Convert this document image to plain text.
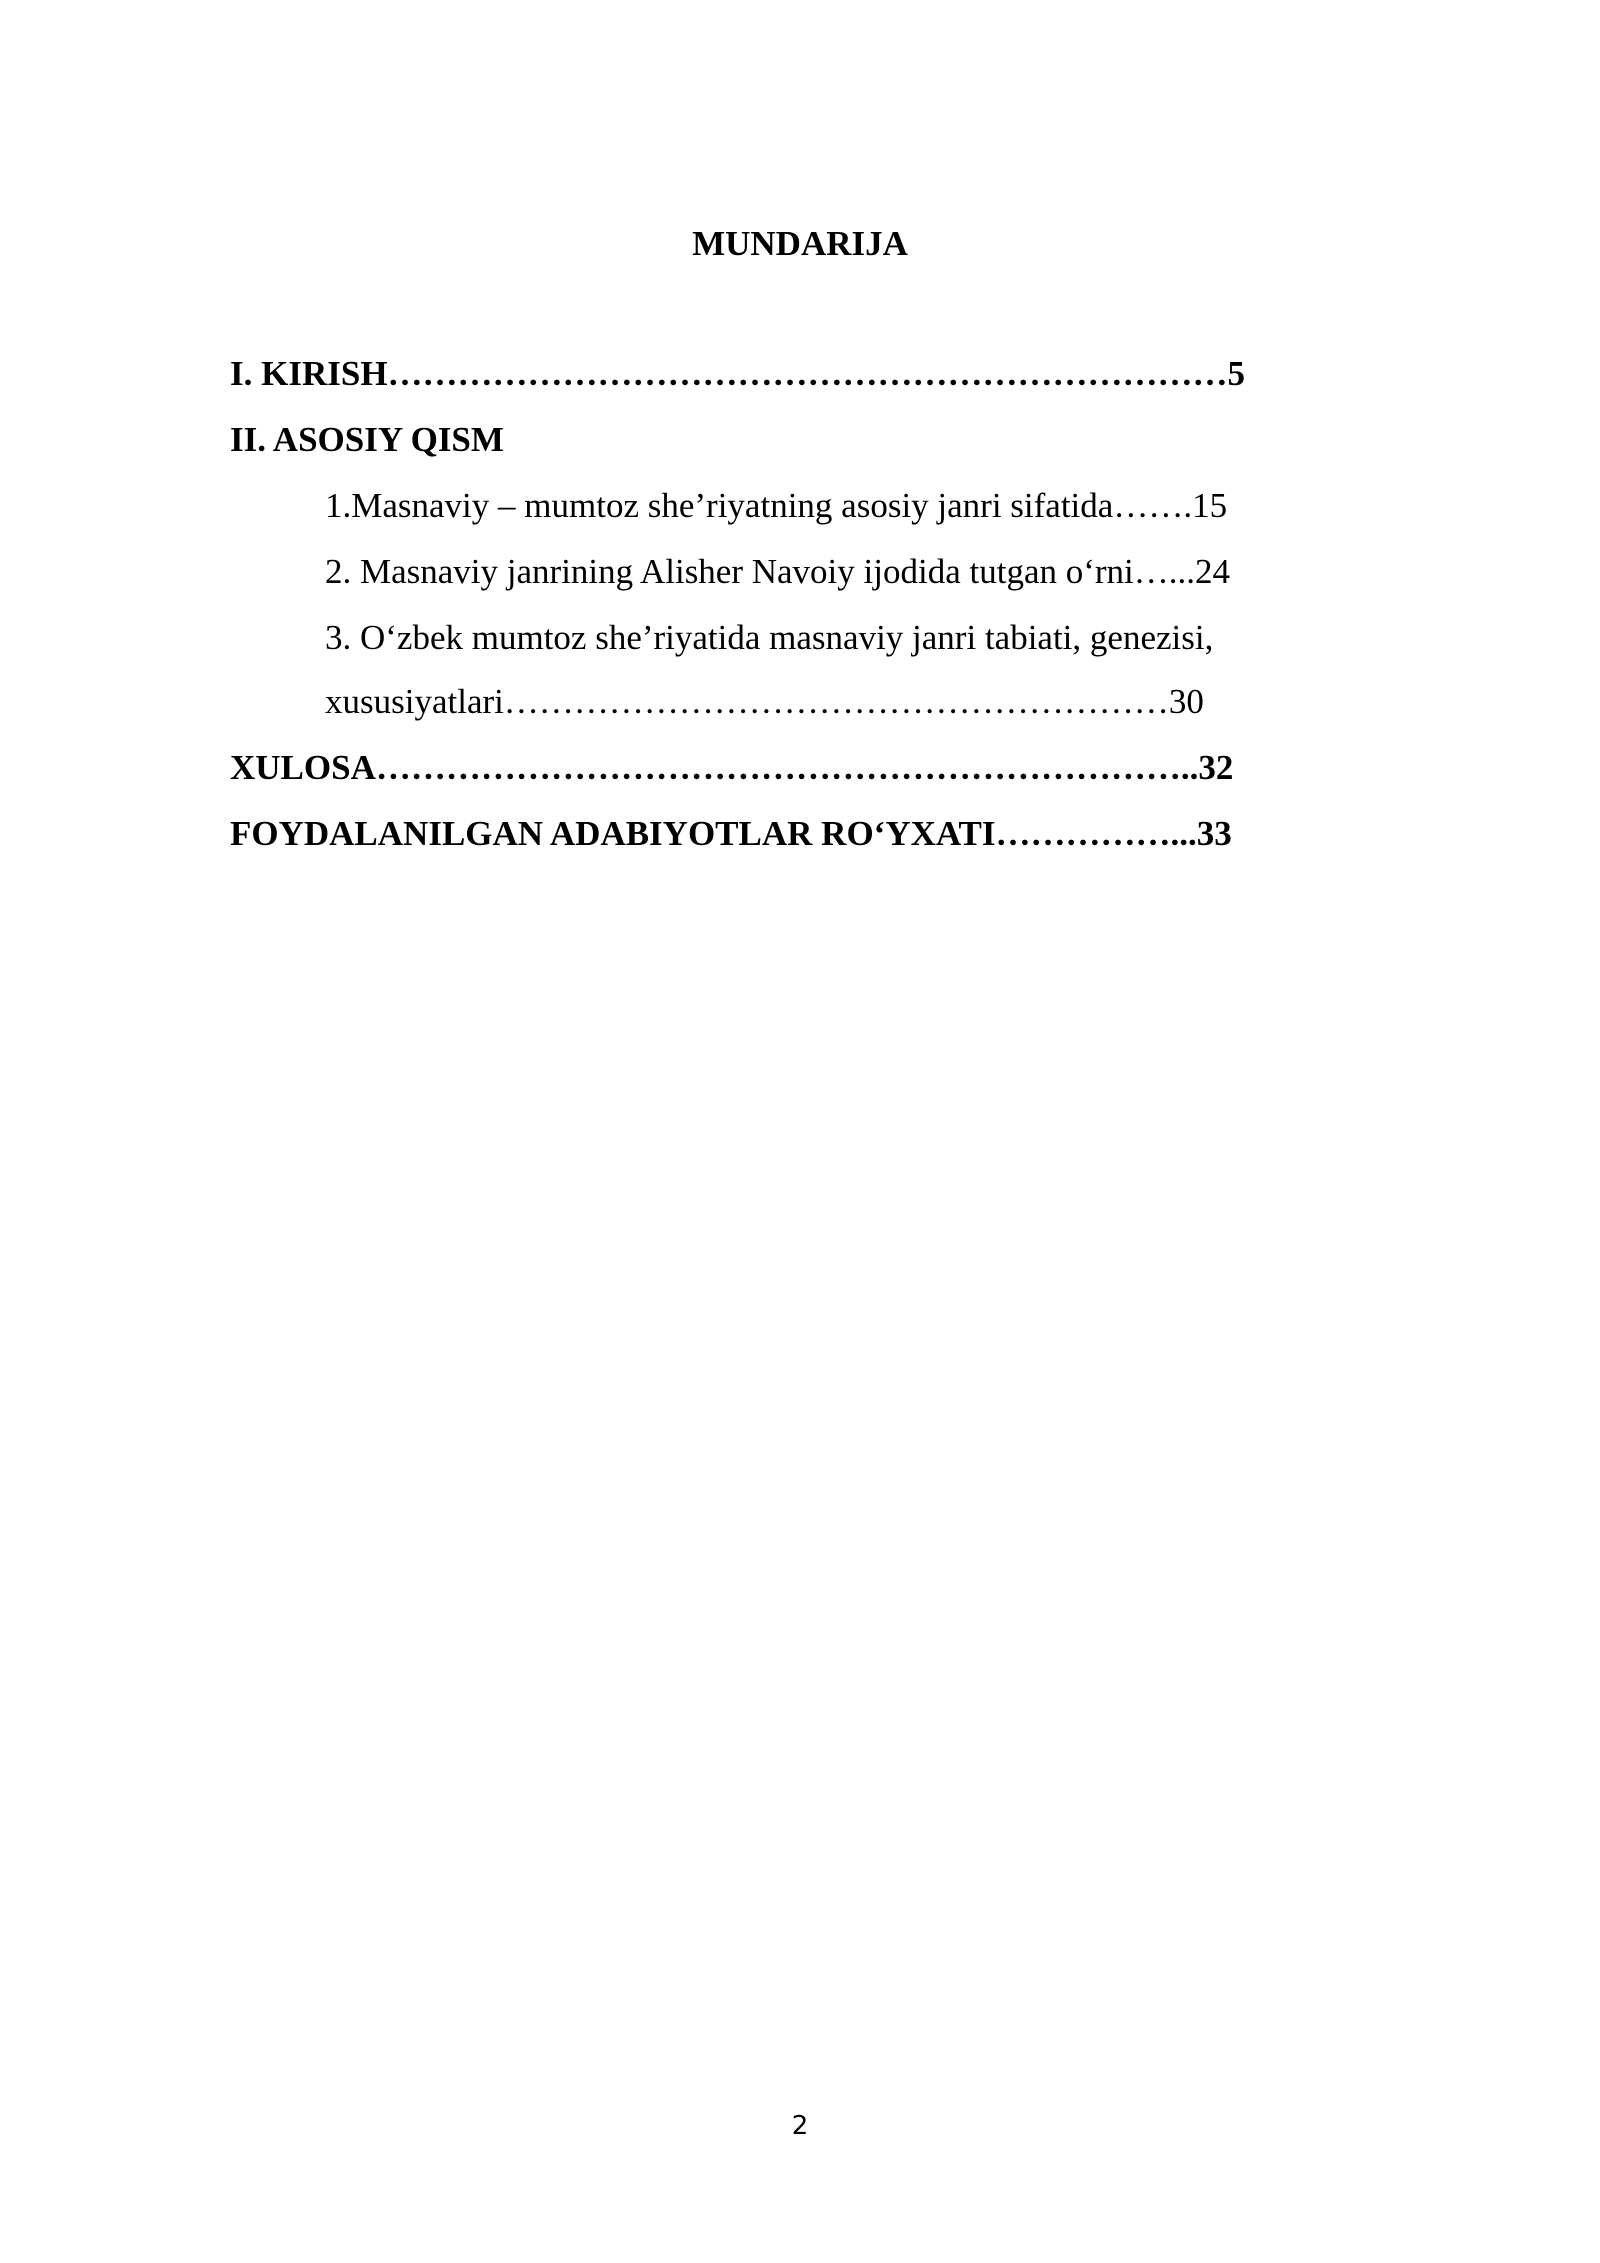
MUNDARIJA
I. KIRISH………………………………………………………………5
II. ASOSIY QISM
1.Masnaviy – mumtoz she’riyatning asosiy janri sifatida…….15
2. Masnaviy janrining Alisher Navoiy ijodida tutgan o‘rni…...24
3. O‘zbek mumtoz she’riyatida masnaviy janri tabiati, genezisi,
xususiyatlari…………………………………………………30
XULOSA……………………………………………………………..32
FOYDALANILGAN ADABIYOTLAR RO‘YXATI……………...33
2
